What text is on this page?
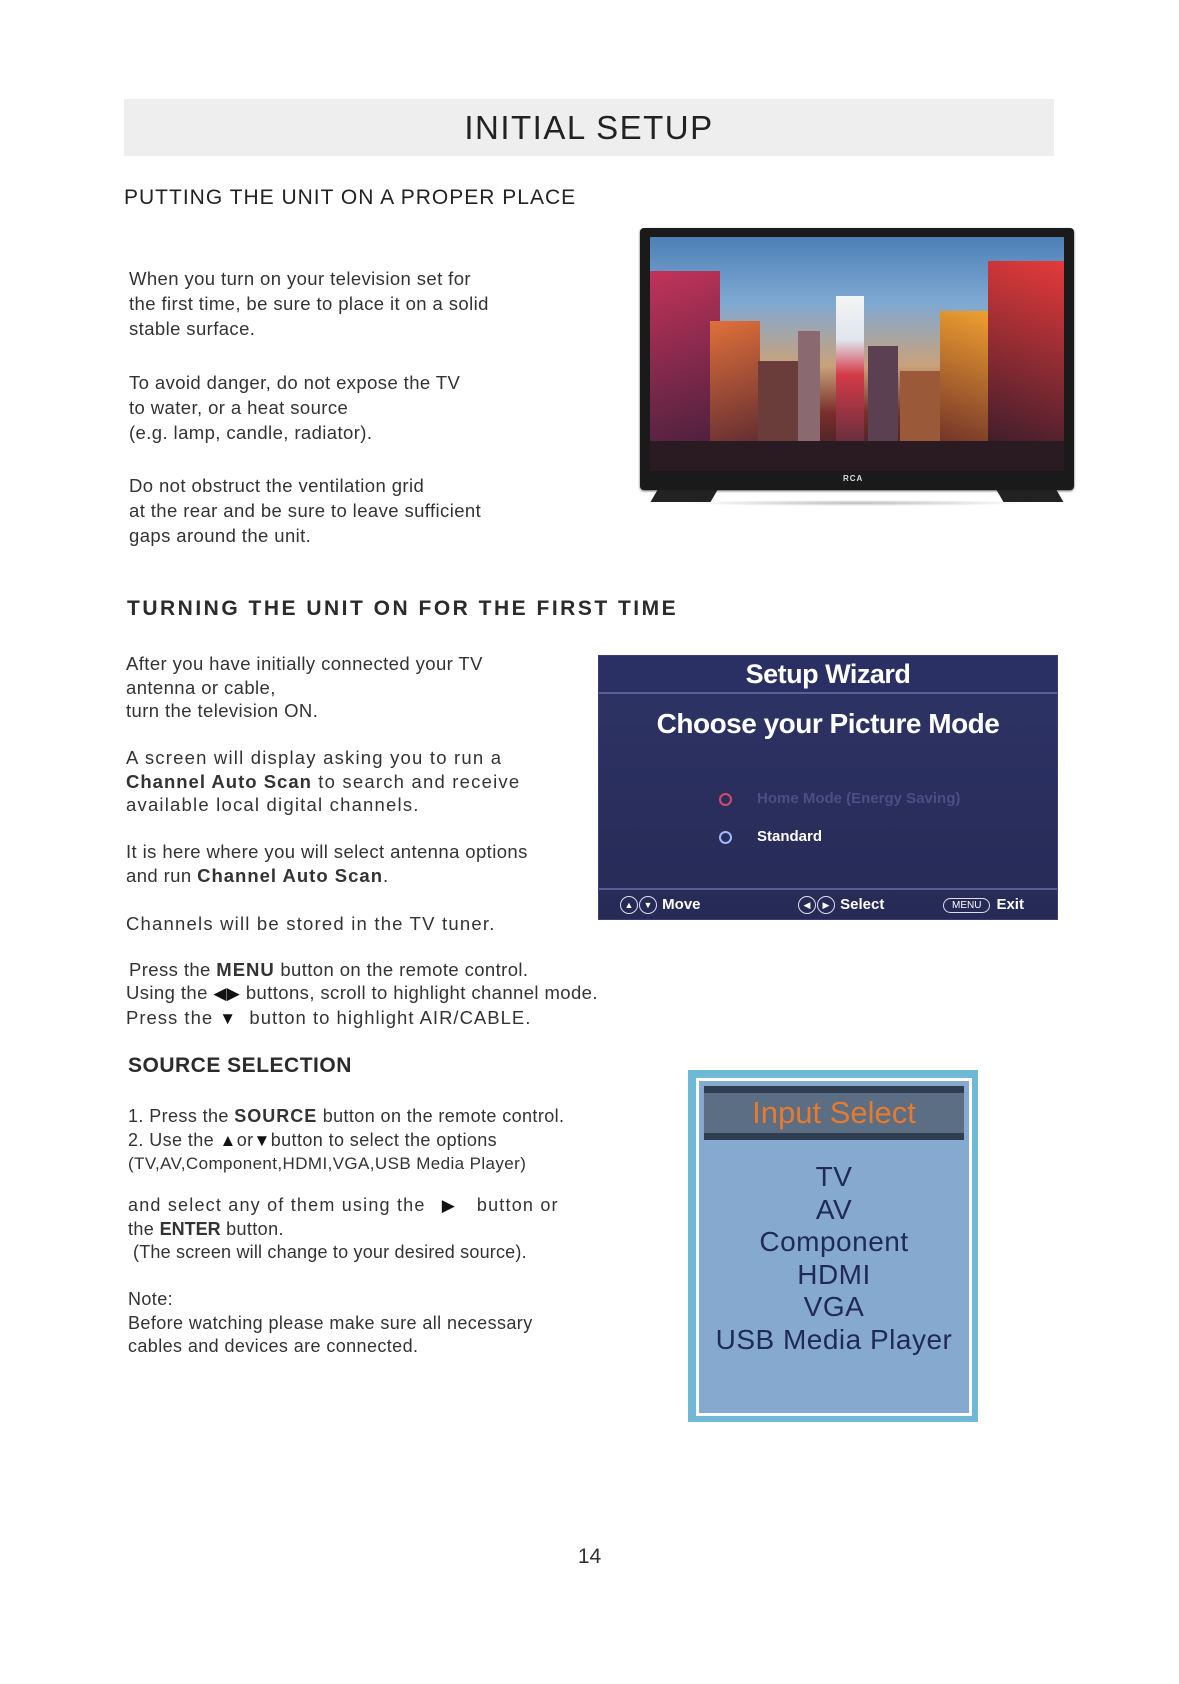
INITIAL SETUP
PUTTING THE UNIT ON A PROPER PLACE
When you turn on your television set for
the first time, be sure to place it on a solid
stable surface.
To avoid danger, do not expose the TV
to water, or a heat source
(e.g. lamp, candle, radiator).
Do not obstruct the ventilation grid
at the rear and be sure to leave sufficient
gaps around the unit.
RCA
TURNING THE UNIT ON FOR THE FIRST TIME
After you have initially connected your TV
antenna or cable,
turn the television ON.
A screen will display asking you to run a
Channel Auto Scan to search and receive
available local digital channels.
It is here where you will select antenna options
and run Channel Auto Scan.
Channels will be stored in the TV tuner.
Press the MENU button on the remote control.
Using the ◀▶ buttons, scroll to highlight channel mode.
Press the ▼ button to highlight AIR/CABLE.
Setup Wizard
Choose your Picture Mode
Home Mode (Energy Saving)
Standard
▲ ▼ Move	◀ ▶ Select	MENU Exit
SOURCE SELECTION
1. Press the SOURCE button on the remote control.
2. Use the ▲or▼button to select the options
(TV,AV,Component,HDMI,VGA,USB Media Player)
and select any of them using the ▶ button or
the ENTER button.
(The screen will change to your desired source).
Note:
Before watching please make sure all necessary
cables and devices are connected.
Input Select
TV
AV
Component
HDMI
VGA
USB Media Player
14
